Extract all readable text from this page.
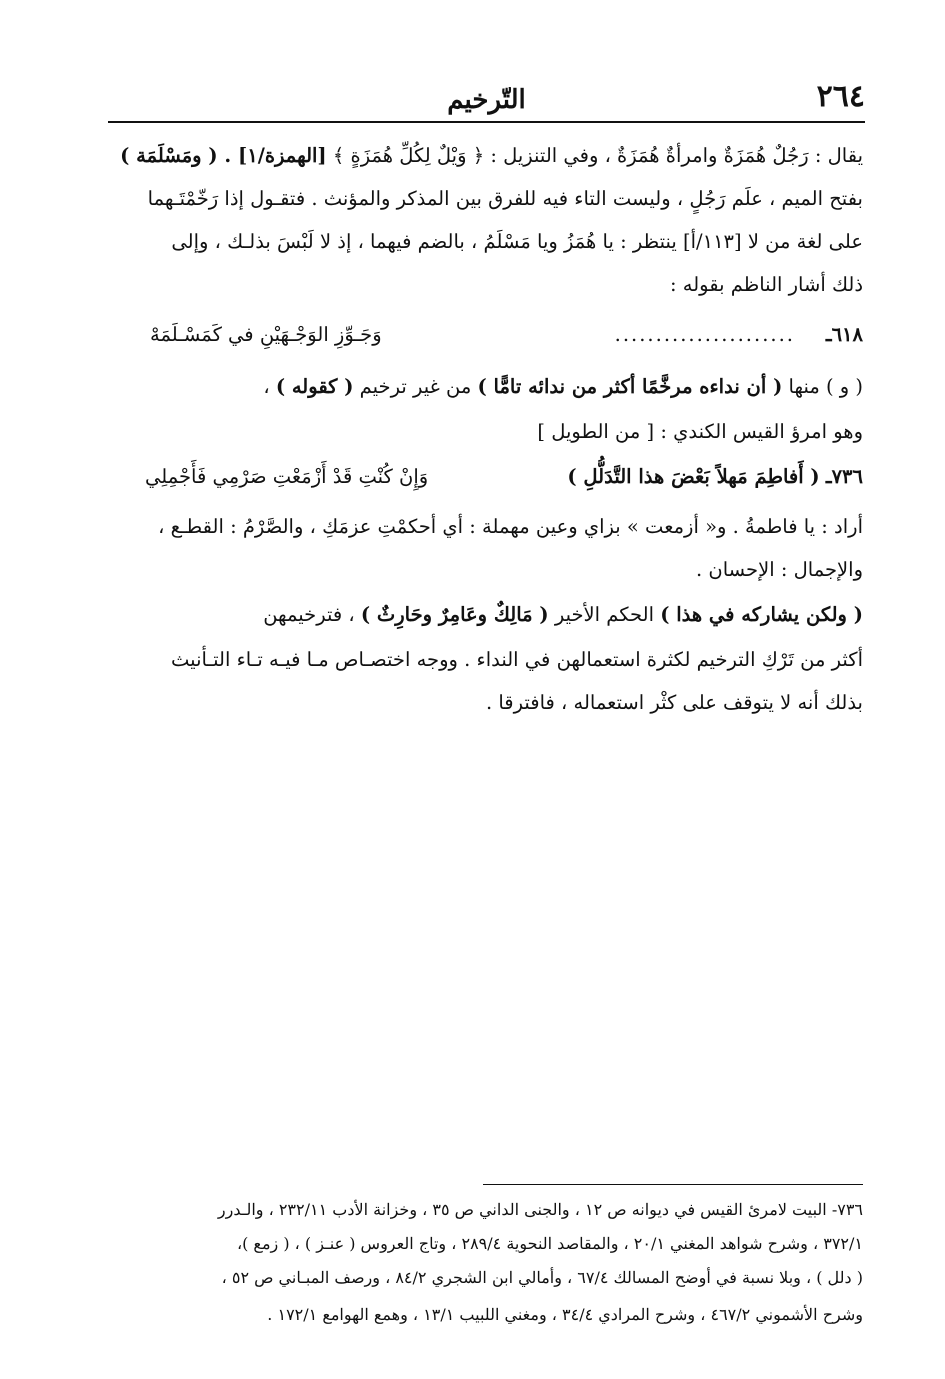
٢٦٤
التّرخيم
يقال : رَجُلٌ هُمَزَةٌ وامرأةٌ هُمَزَةٌ ، وفي التنزيل : ﴿ وَيْلٌ لِكُلِّ هُمَزَةٍ ﴾ [الهمزة/١] . ( ومَسْلَمَة )
بفتح الميم ، علَم رَجُلٍ ، وليست التاء فيه للفرق بين المذكر والمؤنث . فتقـول إذا رَخّمْتَـهما
على لغة من لا [١١٣/أ] ينتظر : يا هُمَزُ ويا مَسْلَمُ ، بالضم فيهما ، إذ لا لَبْسَ بذلـك ، وإلى
ذلك أشار الناظم بقوله :
٦١٨ـ
......................
وَجَـوِّزِ الوَجْـهَيْنِ في كَمَسْـلَمَهْ
( و ) منها ( أن نداءه مرخَّمًا أكثر من ندائه تامًّا ) من غير ترخيم ( كقوله ) ،
وهو امرؤ القيس الكندي : [ من الطويل ]
٧٣٦ـ ( أَفاطِمَ مَهلاً بَعْضَ هذا التَّدَلُّلِ )
وَإِنْ كُنْتِ قَدْ أَزْمَعْتِ صَرْمِي فَأَجْمِلِي
أراد : يا فاطمةُ . و« أزمعت » بزاي وعين مهملة : أي أحكمْتِ عزمَكِ ، والصَّرْمُ : القطـع ،
والإجمال : الإحسان .
( ولكن يشاركه في هذا ) الحكم الأخير ( مَالِكٌ وعَامِرٌ وحَارِثٌ ) ، فترخيمهن
أكثر من تَرْكِ الترخيم لكثرة استعمالهن في النداء . ووجه اختصـاص مـا فيـه تـاء التـأنيث
بذلك أنه لا يتوقف على كثْر استعماله ، فافترقا .
٧٣٦- البيت لامرئ القيس في ديوانه ص ١٢ ، والجنى الداني ص ٣٥ ، وخزانة الأدب ٢٣٢/١١ ، والـدرر
٣٧٢/١ ، وشرح شواهد المغني ٢٠/١ ، والمقاصد النحوية ٢٨٩/٤ ، وتاج العروس ( عنـز ) ، ( زمع )،
( دلل ) ، وبلا نسبة في أوضح المسالك ٦٧/٤ ، وأمالي ابن الشجري ٨٤/٢ ، ورصف المبـاني ص ٥٢ ،
وشرح الأشموني ٤٦٧/٢ ، وشرح المرادي ٣٤/٤ ، ومغني اللبيب ١٣/١ ، وهمع الهوامع ١٧٢/١ .
